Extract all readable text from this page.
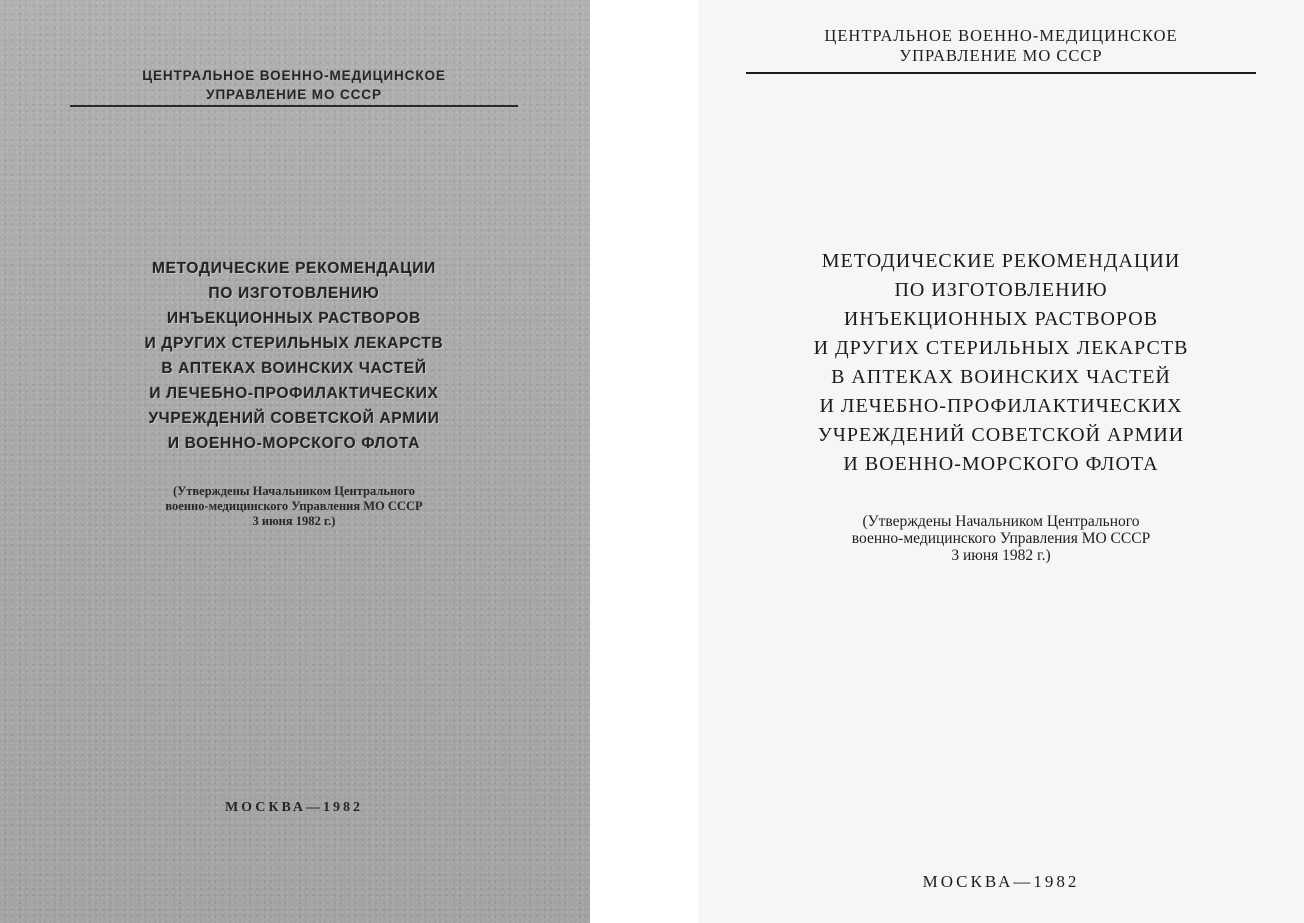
ЦЕНТРАЛЬНОЕ ВОЕННО-МЕДИЦИНСКОЕ
УПРАВЛЕНИЕ МО СССР
МЕТОДИЧЕСКИЕ РЕКОМЕНДАЦИИ
ПО ИЗГОТОВЛЕНИЮ
ИНЪЕКЦИОННЫХ РАСТВОРОВ
И ДРУГИХ СТЕРИЛЬНЫХ ЛЕКАРСТВ
В АПТЕКАХ ВОИНСКИХ ЧАСТЕЙ
И ЛЕЧЕБНО-ПРОФИЛАКТИЧЕСКИХ
УЧРЕЖДЕНИЙ СОВЕТСКОЙ АРМИИ
И ВОЕННО-МОРСКОГО ФЛОТА
(Утверждены Начальником Центрального
военно-медицинского Управления МО СССР
3 июня 1982 г.)
МОСКВА—1982
ЦЕНТРАЛЬНОЕ ВОЕННО-МЕДИЦИНСКОЕ
УПРАВЛЕНИЕ МО СССР
МЕТОДИЧЕСКИЕ РЕКОМЕНДАЦИИ
ПО ИЗГОТОВЛЕНИЮ
ИНЪЕКЦИОННЫХ РАСТВОРОВ
И ДРУГИХ СТЕРИЛЬНЫХ ЛЕКАРСТВ
В АПТЕКАХ ВОИНСКИХ ЧАСТЕЙ
И ЛЕЧЕБНО-ПРОФИЛАКТИЧЕСКИХ
УЧРЕЖДЕНИЙ СОВЕТСКОЙ АРМИИ
И ВОЕННО-МОРСКОГО ФЛОТА
(Утверждены Начальником Центрального
военно-медицинского Управления МО СССР
3 июня 1982 г.)
МОСКВА—1982
